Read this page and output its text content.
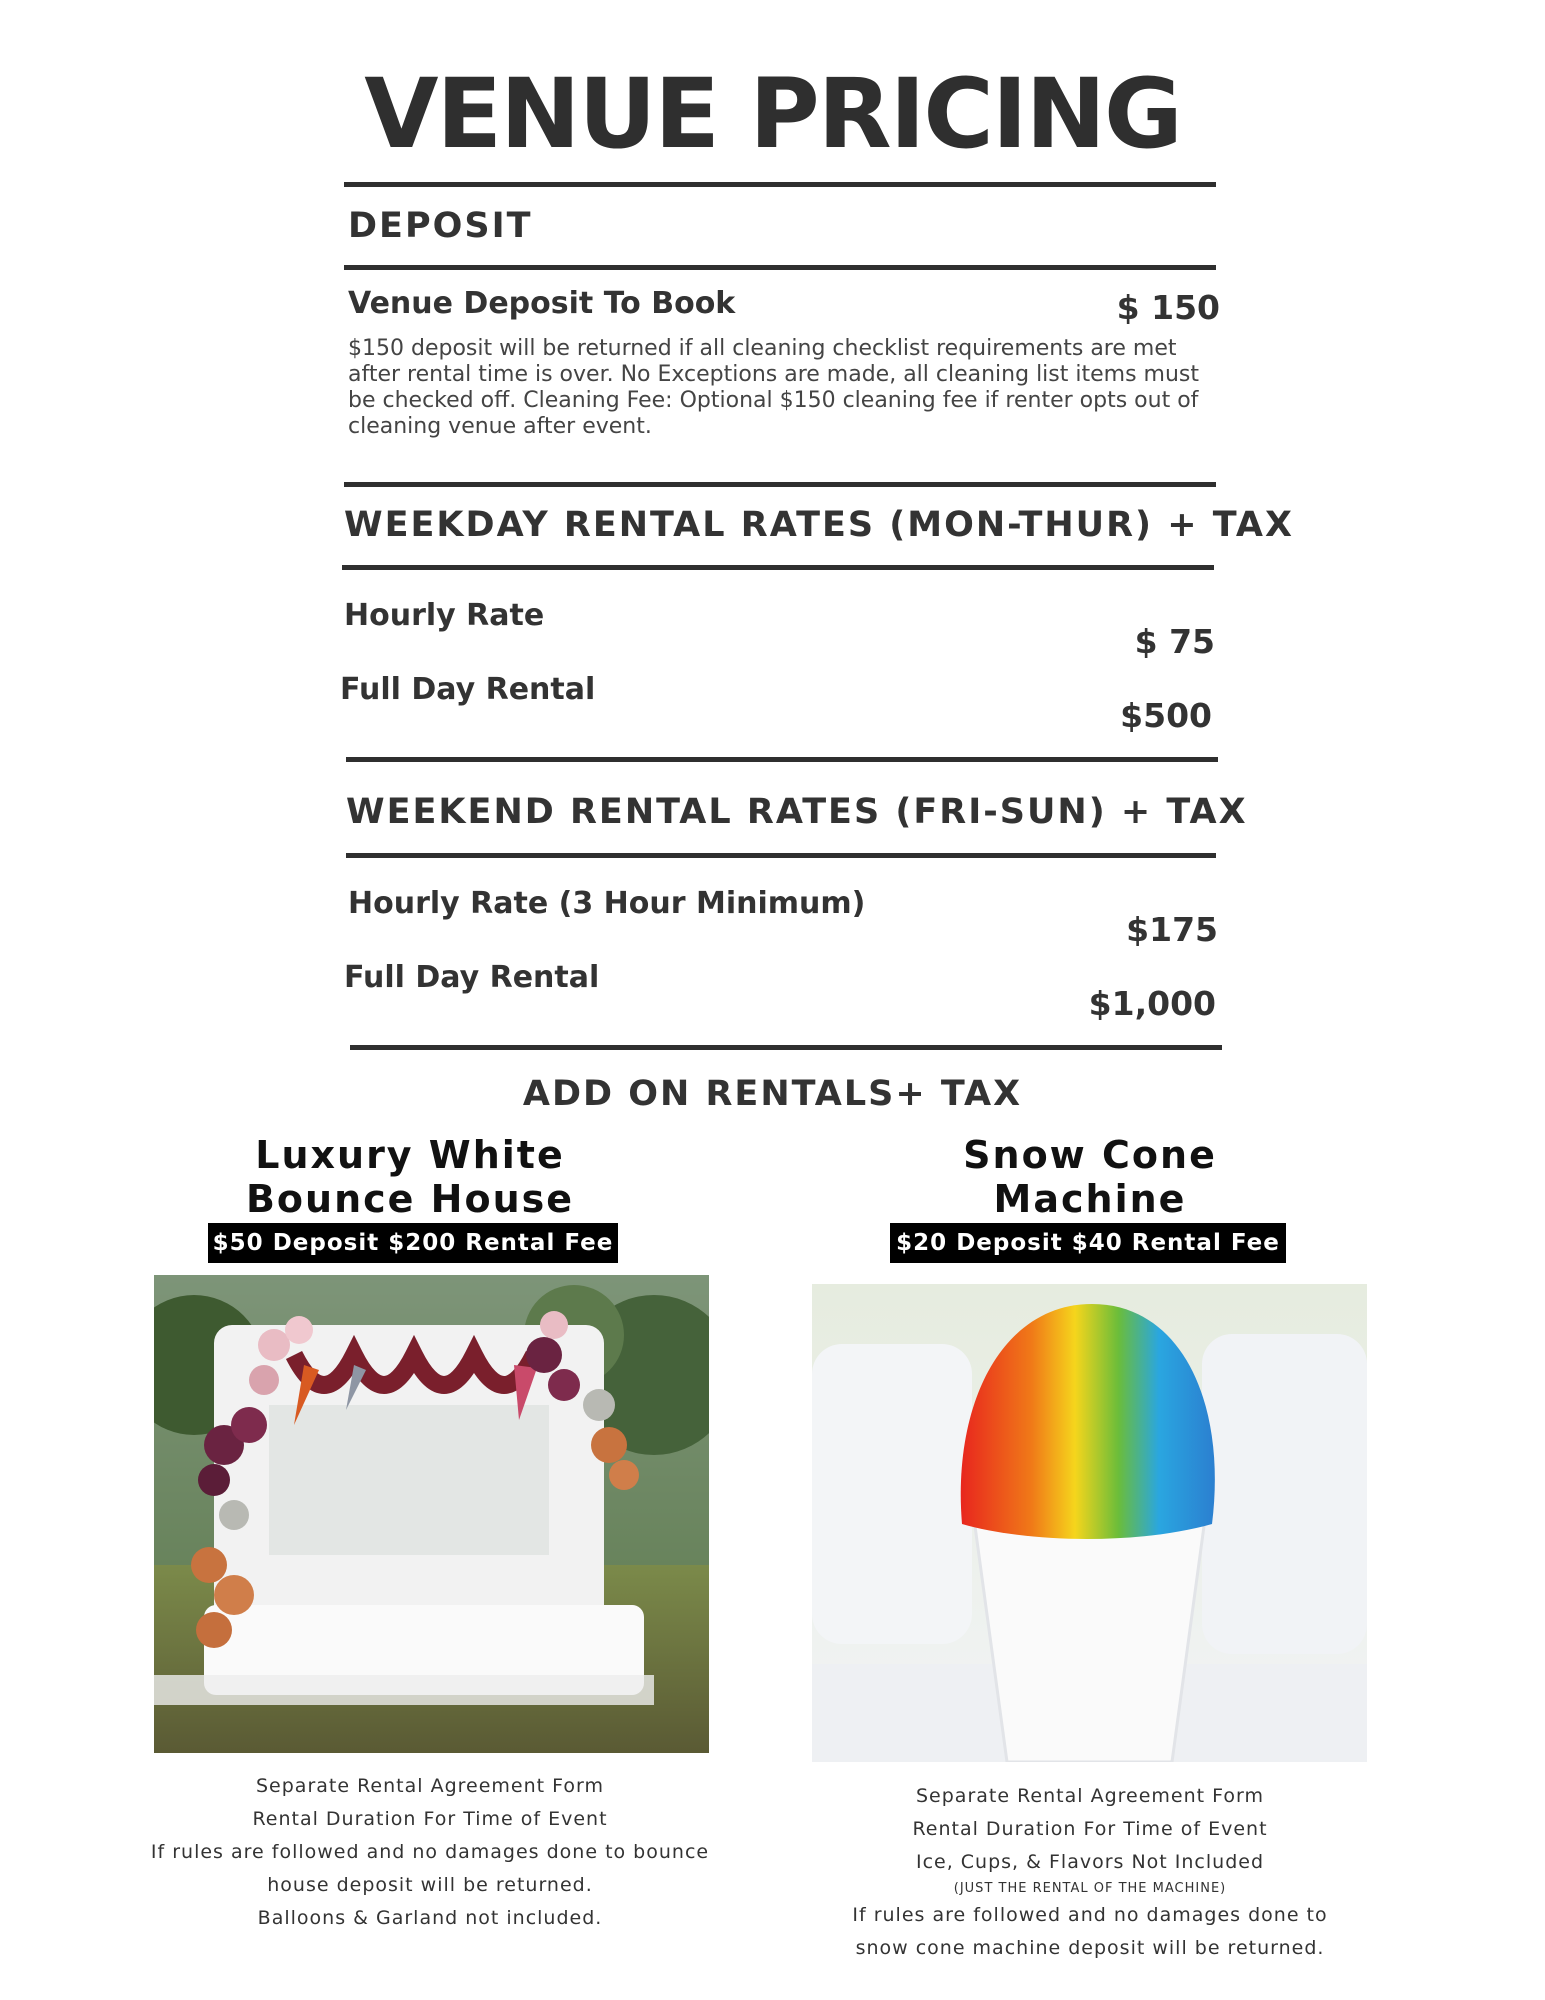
VENUE PRICING
DEPOSIT
Venue Deposit To Book	$ 150
$150 deposit will be returned if all cleaning checklist requirements are met after rental time is over. No Exceptions are made, all cleaning list items must be checked off. Cleaning Fee: Optional $150 cleaning fee if renter opts out of cleaning venue after event.
WEEKDAY RENTAL RATES (MON-THUR) + TAX
Hourly Rate
$ 75
Full Day Rental
$500
WEEKEND RENTAL RATES (FRI-SUN) + TAX
Hourly Rate (3 Hour Minimum)
$175
Full Day Rental
$1,000
ADD ON RENTALS+ TAX
Luxury White
Bounce House
$50 Deposit $200 Rental Fee
Separate Rental Agreement Form
Rental Duration For Time of Event
If rules are followed and no damages done to bounce
house deposit will be returned.
Balloons & Garland not included.
Snow Cone
Machine
$20 Deposit $40 Rental Fee
Separate Rental Agreement Form
Rental Duration For Time of Event
Ice, Cups, & Flavors Not Included
(JUST THE RENTAL OF THE MACHINE)
If rules are followed and no damages done to
snow cone machine deposit will be returned.
